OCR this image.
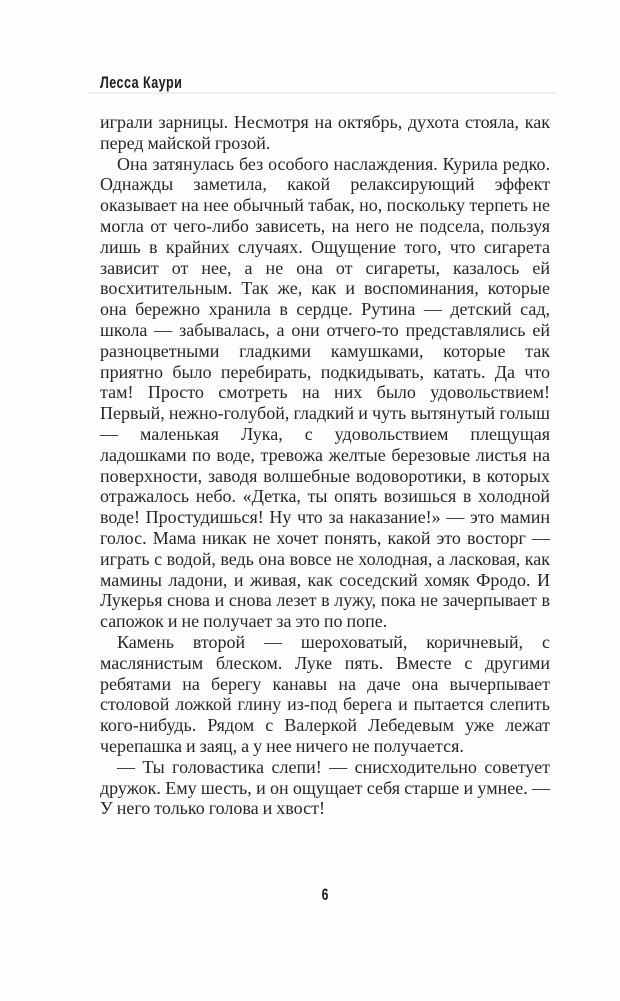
Лесса Каури

играли зарницы. Несмотря на октябрь, духота стояла, как перед майской грозой.

Она затянулась без особого наслаждения. Курила редко. Однажды заметила, какой релаксирующий эффект оказывает на нее обычный табак, но, поскольку терпеть не могла от чего-либо зависеть, на него не подсела, пользуя лишь в крайних случаях. Ощущение того, что сигарета зависит от нее, а не она от сигареты, казалось ей восхитительным. Так же, как и воспоминания, которые она бережно хранила в сердце. Рутина — детский сад, школа — забывалась, а они отчего-то представлялись ей разноцветными гладкими камушками, которые так приятно было перебирать, подкидывать, катать. Да что там! Просто смотреть на них было удовольствием! Первый, нежно-голубой, гладкий и чуть вытянутый голыш — маленькая Лука, с удовольствием плещущая ладошками по воде, тревожа желтые березовые листья на поверхности, заводя волшебные водоворотики, в которых отражалось небо. «Детка, ты опять возишься в холодной воде! Простудишься! Ну что за наказание!» — это мамин голос. Мама никак не хочет понять, какой это восторг — играть с водой, ведь она вовсе не холодная, а ласковая, как мамины ладони, и живая, как соседский хомяк Фродо. И Лукерья снова и снова лезет в лужу, пока не зачерпывает в сапожок и не получает за это по попе.

Камень второй — шероховатый, коричневый, с маслянистым блеском. Луке пять. Вместе с другими ребятами на берегу канавы на даче она вычерпывает столовой ложкой глину из-под берега и пытается слепить кого-нибудь. Рядом с Валеркой Лебедевым уже лежат черепашка и заяц, а у нее ничего не получается.

— Ты головастика слепи! — снисходительно советует дружок. Ему шесть, и он ощущает себя старше и умнее. — У него только голова и хвост!

6
